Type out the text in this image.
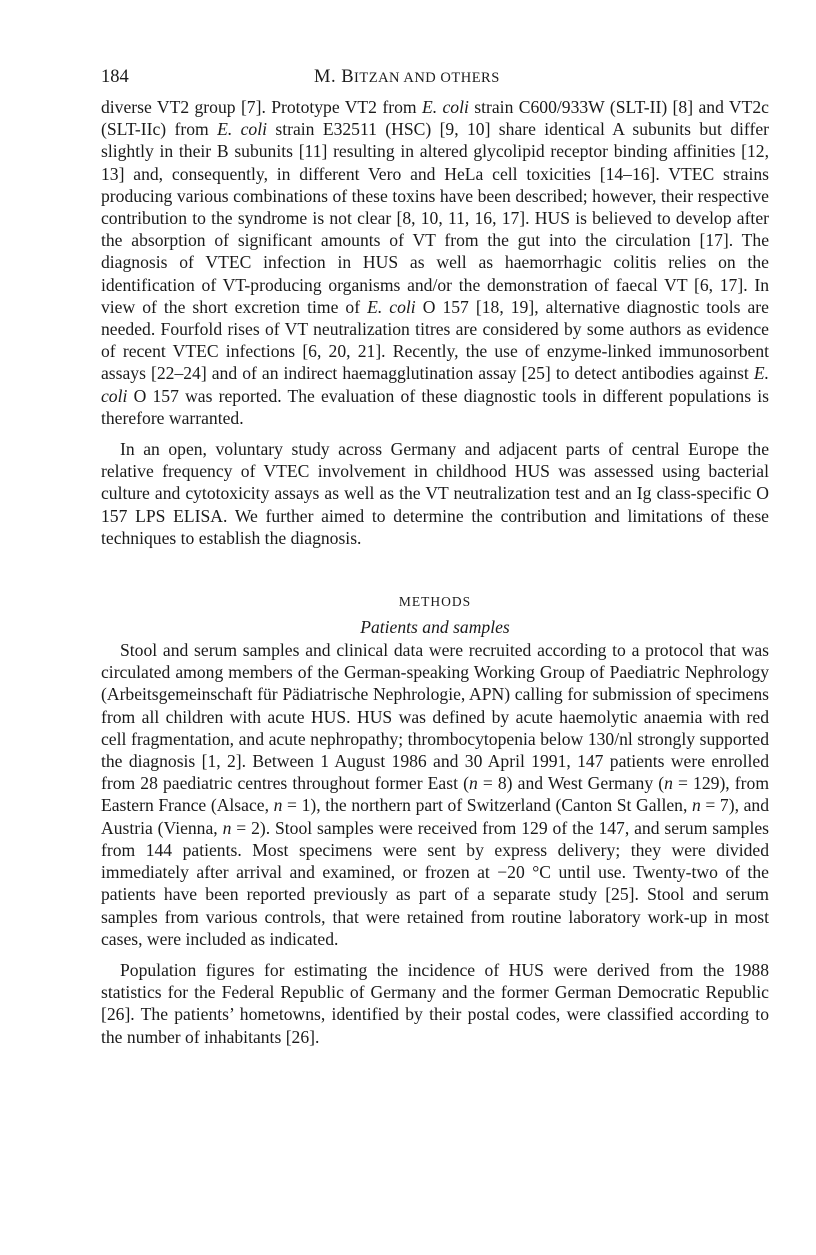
184	M. BITZAN AND OTHERS

diverse VT2 group [7]. Prototype VT2 from E. coli strain C600/933W (SLT-II) [8] and VT2c (SLT-IIc) from E. coli strain E32511 (HSC) [9, 10] share identical A subunits but differ slightly in their B subunits [11] resulting in altered glycolipid receptor binding affinities [12, 13] and, consequently, in different Vero and HeLa cell toxicities [14–16]. VTEC strains producing various combinations of these toxins have been described; however, their respective contribution to the syndrome is not clear [8, 10, 11, 16, 17]. HUS is believed to develop after the absorption of significant amounts of VT from the gut into the circulation [17]. The diagnosis of VTEC infection in HUS as well as haemorrhagic colitis relies on the identification of VT-producing organisms and/or the demonstration of faecal VT [6, 17]. In view of the short excretion time of E. coli O 157 [18, 19], alternative diagnostic tools are needed. Fourfold rises of VT neutralization titres are considered by some authors as evidence of recent VTEC infections [6, 20, 21]. Recently, the use of enzyme-linked immunosorbent assays [22–24] and of an indirect haemagglutination assay [25] to detect antibodies against E. coli O 157 was reported. The evaluation of these diagnostic tools in different populations is therefore warranted.

In an open, voluntary study across Germany and adjacent parts of central Europe the relative frequency of VTEC involvement in childhood HUS was assessed using bacterial culture and cytotoxicity assays as well as the VT neutralization test and an Ig class-specific O 157 LPS ELISA. We further aimed to determine the contribution and limitations of these techniques to establish the diagnosis.

METHODS
Patients and samples

Stool and serum samples and clinical data were recruited according to a protocol that was circulated among members of the German-speaking Working Group of Paediatric Nephrology (Arbeitsgemeinschaft für Pädiatrische Nephrologie, APN) calling for submission of specimens from all children with acute HUS. HUS was defined by acute haemolytic anaemia with red cell fragmentation, and acute nephropathy; thrombocytopenia below 130/nl strongly supported the diagnosis [1, 2]. Between 1 August 1986 and 30 April 1991, 147 patients were enrolled from 28 paediatric centres throughout former East (n = 8) and West Germany (n = 129), from Eastern France (Alsace, n = 1), the northern part of Switzerland (Canton St Gallen, n = 7), and Austria (Vienna, n = 2). Stool samples were received from 129 of the 147, and serum samples from 144 patients. Most specimens were sent by express delivery; they were divided immediately after arrival and examined, or frozen at −20 °C until use. Twenty-two of the patients have been reported previously as part of a separate study [25]. Stool and serum samples from various controls, that were retained from routine laboratory work-up in most cases, were included as indicated.

Population figures for estimating the incidence of HUS were derived from the 1988 statistics for the Federal Republic of Germany and the former German Democratic Republic [26]. The patients’ hometowns, identified by their postal codes, were classified according to the number of inhabitants [26].
